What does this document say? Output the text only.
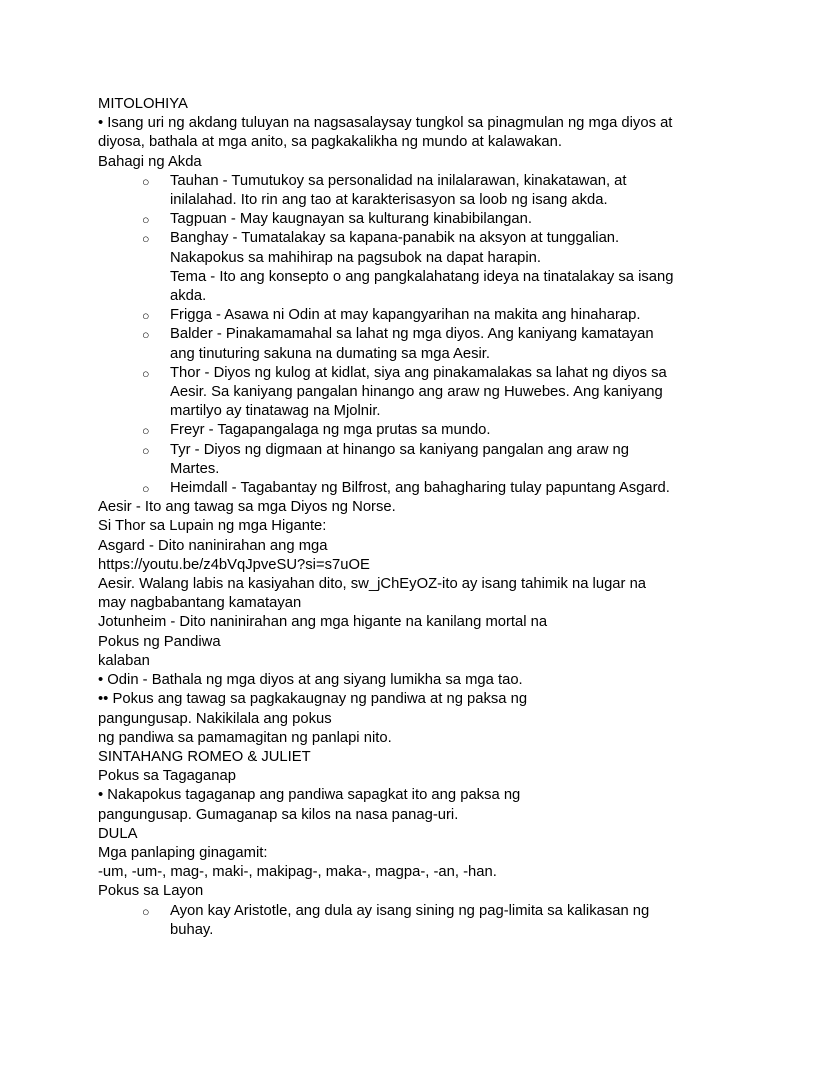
MITOLOHIYA
• Isang uri ng akdang tuluyan na nagsasalaysay tungkol sa pinagmulan ng mga diyos at
diyosa, bathala at mga anito, sa pagkakalikha ng mundo at kalawakan.
Bahagi ng Akda
○ Tauhan - Tumutukoy sa personalidad na inilalarawan, kinakatawan, at
inilalahad. Ito rin ang tao at karakterisasyon sa loob ng isang akda.
○ Tagpuan - May kaugnayan sa kulturang kinabibilangan.
○ Banghay - Tumatalakay sa kapana-panabik na aksyon at tunggalian.
Nakapokus sa mahihirap na pagsubok na dapat harapin.
Tema - Ito ang konsepto o ang pangkalahatang ideya na tinatalakay sa isang
akda.
○ Frigga - Asawa ni Odin at may kapangyarihan na makita ang hinaharap.
○ Balder - Pinakamamahal sa lahat ng mga diyos. Ang kaniyang kamatayan
ang tinuturing sakuna na dumating sa mga Aesir.
○ Thor - Diyos ng kulog at kidlat, siya ang pinakamalakas sa lahat ng diyos sa
Aesir. Sa kaniyang pangalan hinango ang araw ng Huwebes. Ang kaniyang
martilyo ay tinatawag na Mjolnir.
○ Freyr - Tagapangalaga ng mga prutas sa mundo.
○ Tyr - Diyos ng digmaan at hinango sa kaniyang pangalan ang araw ng
Martes.
○ Heimdall - Tagabantay ng Bilfrost, ang bahagharing tulay papuntang Asgard.
Aesir - Ito ang tawag sa mga Diyos ng Norse.
Si Thor sa Lupain ng mga Higante:
Asgard - Dito naninirahan ang mga
https://youtu.be/z4bVqJpveSU?si=s7uOE
Aesir. Walang labis na kasiyahan dito, sw_jChEyOZ-ito ay isang tahimik na lugar na
may nagbabantang kamatayan
Jotunheim - Dito naninirahan ang mga higante na kanilang mortal na
Pokus ng Pandiwa
kalaban
• Odin - Bathala ng mga diyos at ang siyang lumikha sa mga tao.
•• Pokus ang tawag sa pagkakaugnay ng pandiwa at ng paksa ng
pangungusap. Nakikilala ang pokus
ng pandiwa sa pamamagitan ng panlapi nito.
SINTAHANG ROMEO & JULIET
Pokus sa Tagaganap
• Nakapokus tagaganap ang pandiwa sapagkat ito ang paksa ng
pangungusap. Gumaganap sa kilos na nasa panag-uri.
DULA
Mga panlaping ginagamit:
-um, -um-, mag-, maki-, makipag-, maka-, magpa-, -an, -han.
Pokus sa Layon
○ Ayon kay Aristotle, ang dula ay isang sining ng pag-limita sa kalikasan ng
buhay.
